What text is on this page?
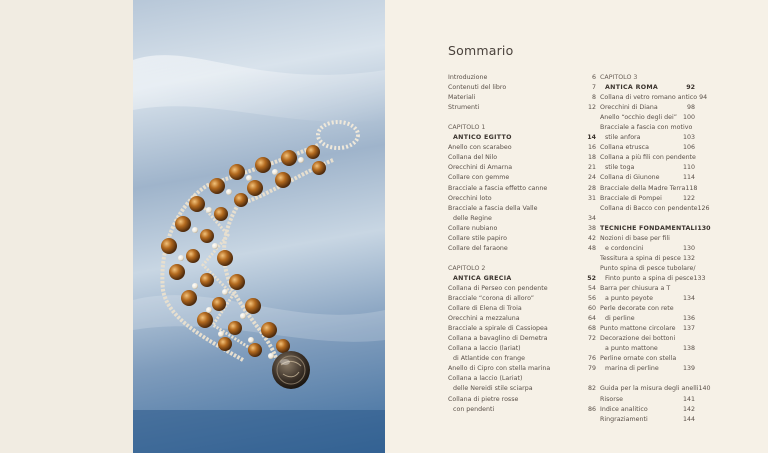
Sommario
Introduzione	6
Contenuti del libro	7
Materiali	8
Strumenti	12
CAPITOLO 1
ANTICO EGITTO	14
Anello con scarabeo	16
Collana del Nilo	18
Orecchini di Amarna	21
Collare con gemme	24
Bracciale a fascia effetto canne	28
Orecchini loto	31
Bracciale a fascia della Valle
delle Regine	34
Collare nubiano	38
Collare stile papiro	42
Collare del faraone	48
CAPITOLO 2
ANTICA GRECIA	52
Collana di Perseo con pendente	54
Bracciale “corona di alloro”	56
Collare di Elena di Troia	60
Orecchini a mezzaluna	64
Bracciale a spirale di Cassiopea	68
Collana a bavaglino di Demetra	72
Collana a laccio (lariat)
di Atlantide con frange	76
Anello di Cipro con stella marina	79
Collana a laccio (Lariat)
delle Nereidi stile sciarpa	82
Collana di pietre rosse
con pendenti	86
CAPITOLO 3
ANTICA ROMA	92
Collana di vetro romano antico 94
Orecchini di Diana	98
Anello “occhio degli dei” 100
Bracciale a fascia con motivo
stile anfora	103
Collana etrusca	106
Collana a più fili con pendente
stile toga	110
Collana di Giunone	114
Bracciale della Madre Terra 118
Bracciale di Pompei	122
Collana di Bacco con pendente 126
TECNICHE FONDAMENTALI 130
Nozioni di base per fili
e cordoncini	130
Tessitura a spina di pesce 132
Punto spina di pesce tubolare/
Finto punto a spina di pesce 133
Barra per chiusura a T
a punto peyote	134
Perle decorate con rete
di perline	136
Punto mattone circolare 137
Decorazione dei bottoni
a punto mattone	138
Perline ornate con stella
marina di perline	139
Guida per la misura degli anelli 140
Risorse	141
Indice analitico	142
Ringraziamenti	144
